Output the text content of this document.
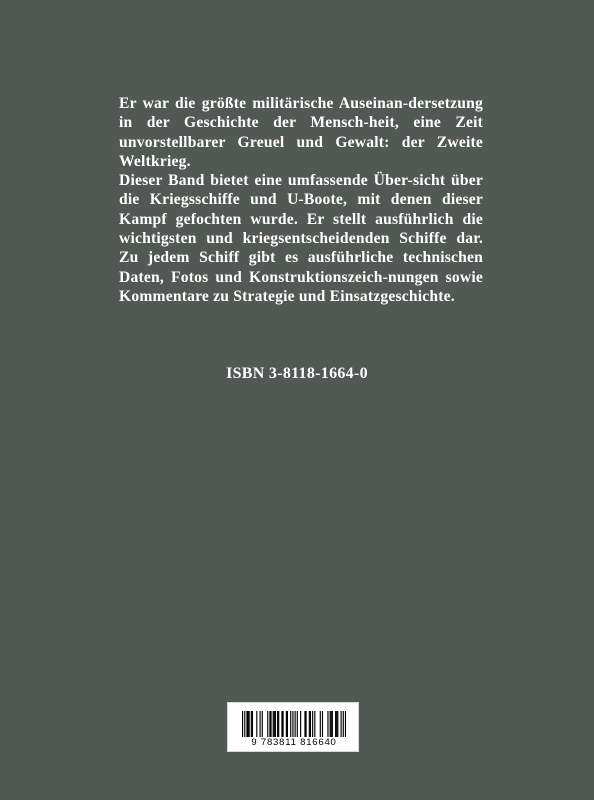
Er war die größte militärische Auseinan-dersetzung in der Geschichte der Mensch-heit, eine Zeit unvorstellbarer Greuel und Gewalt: der Zweite Weltkrieg.

Dieser Band bietet eine umfassende Über-sicht über die Kriegsschiffe und U-Boote, mit denen dieser Kampf gefochten wurde. Er stellt ausführlich die wichtigsten und kriegsentscheidenden Schiffe dar. Zu jedem Schiff gibt es ausführliche technischen Daten, Fotos und Konstruktionszeich-nungen sowie Kommentare zu Strategie und Einsatzgeschichte.

ISBN 3-8118-1664-0
9 783811 816640
